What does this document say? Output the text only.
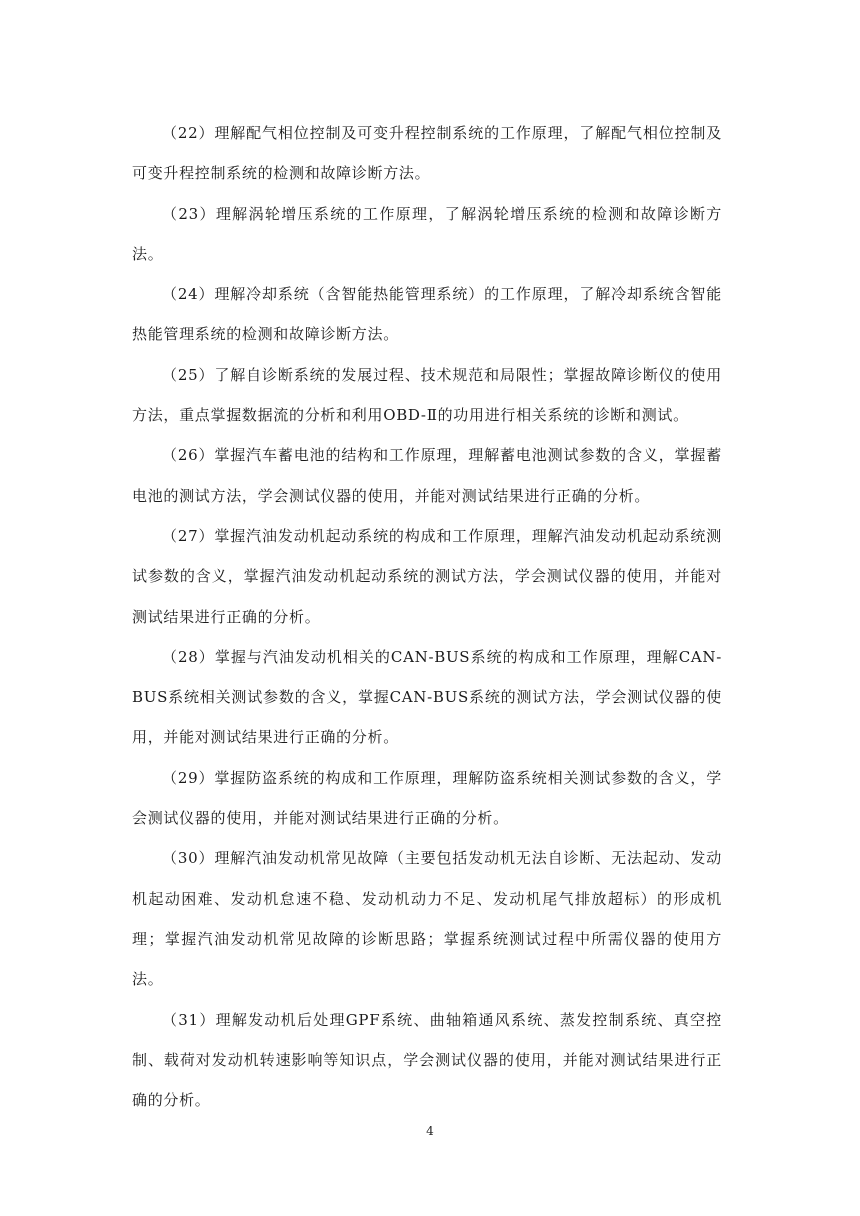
（22）理解配气相位控制及可变升程控制系统的工作原理，了解配气相位控制及可变升程控制系统的检测和故障诊断方法。

（23）理解涡轮增压系统的工作原理，了解涡轮增压系统的检测和故障诊断方法。

（24）理解冷却系统（含智能热能管理系统）的工作原理，了解冷却系统含智能热能管理系统的检测和故障诊断方法。

（25）了解自诊断系统的发展过程、技术规范和局限性；掌握故障诊断仪的使用方法，重点掌握数据流的分析和利用OBD-Ⅱ的功用进行相关系统的诊断和测试。

（26）掌握汽车蓄电池的结构和工作原理，理解蓄电池测试参数的含义，掌握蓄电池的测试方法，学会测试仪器的使用，并能对测试结果进行正确的分析。

（27）掌握汽油发动机起动系统的构成和工作原理，理解汽油发动机起动系统测试参数的含义，掌握汽油发动机起动系统的测试方法，学会测试仪器的使用，并能对测试结果进行正确的分析。

（28）掌握与汽油发动机相关的CAN-BUS系统的构成和工作原理，理解CAN-BUS系统相关测试参数的含义，掌握CAN-BUS系统的测试方法，学会测试仪器的使用，并能对测试结果进行正确的分析。

（29）掌握防盗系统的构成和工作原理，理解防盗系统相关测试参数的含义，学会测试仪器的使用，并能对测试结果进行正确的分析。

（30）理解汽油发动机常见故障（主要包括发动机无法自诊断、无法起动、发动机起动困难、发动机怠速不稳、发动机动力不足、发动机尾气排放超标）的形成机理；掌握汽油发动机常见故障的诊断思路；掌握系统测试过程中所需仪器的使用方法。

（31）理解发动机后处理GPF系统、曲轴箱通风系统、蒸发控制系统、真空控制、载荷对发动机转速影响等知识点，学会测试仪器的使用，并能对测试结果进行正确的分析。

4
